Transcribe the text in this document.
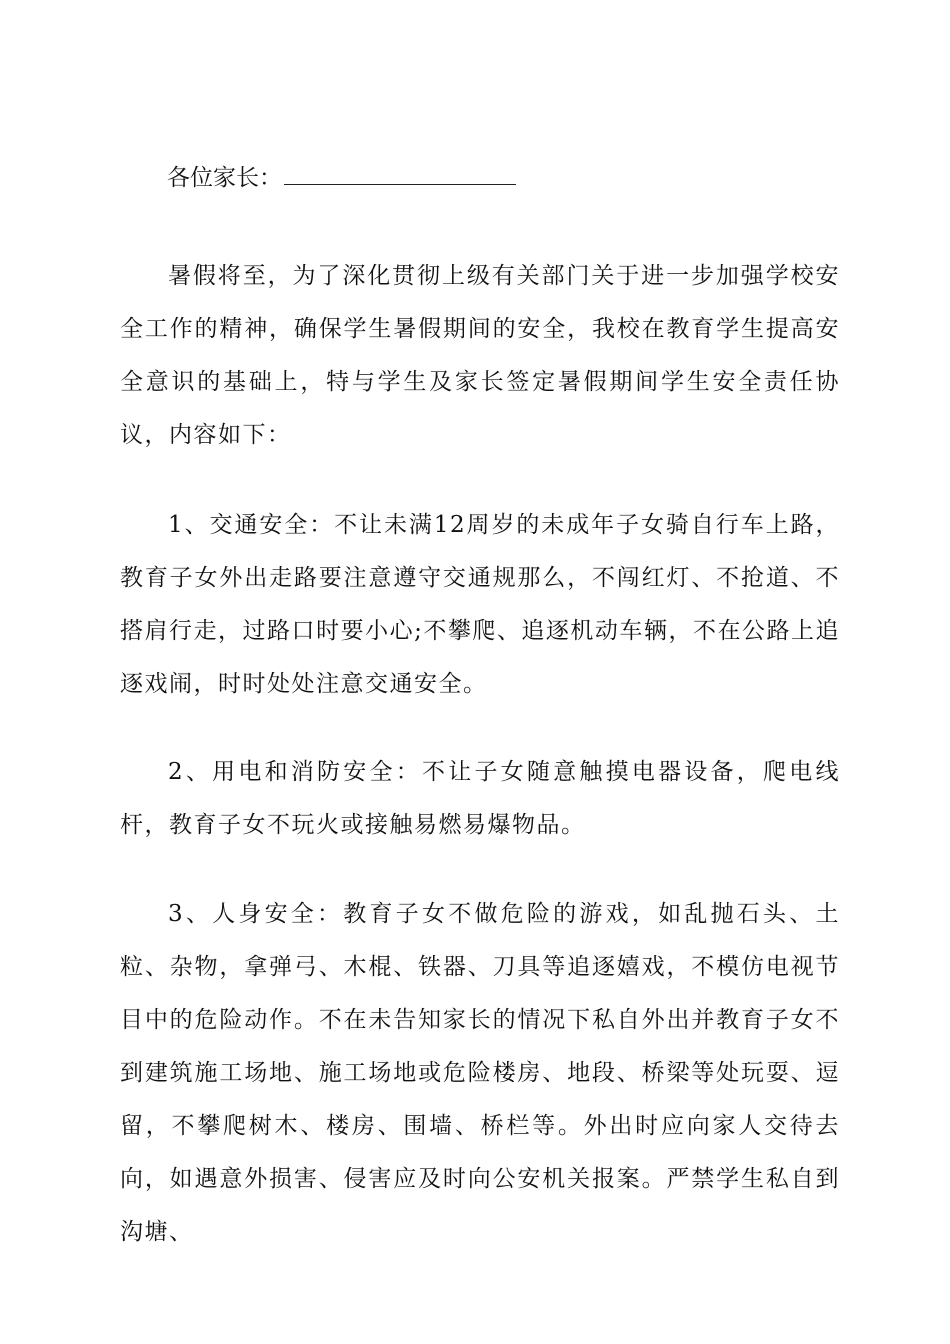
各位家长：

暑假将至，为了深化贯彻上级有关部门关于进一步加强学校安全工作的精神，确保学生暑假期间的安全，我校在教育学生提高安全意识的基础上，特与学生及家长签定暑假期间学生安全责任协议，内容如下：

1、交通安全：不让未满12周岁的未成年子女骑自行车上路，教育子女外出走路要注意遵守交通规那么，不闯红灯、不抢道、不搭肩行走，过路口时要小心;不攀爬、追逐机动车辆，不在公路上追逐戏闹，时时处处注意交通安全。

2、用电和消防安全：不让子女随意触摸电器设备，爬电线杆，教育子女不玩火或接触易燃易爆物品。

3、人身安全：教育子女不做危险的游戏，如乱抛石头、土粒、杂物，拿弹弓、木棍、铁器、刀具等追逐嬉戏，不模仿电视节目中的危险动作。不在未告知家长的情况下私自外出并教育子女不到建筑施工场地、施工场地或危险楼房、地段、桥梁等处玩耍、逗留，不攀爬树木、楼房、围墙、桥栏等。外出时应向家人交待去向，如遇意外损害、侵害应及时向公安机关报案。严禁学生私自到沟塘、
